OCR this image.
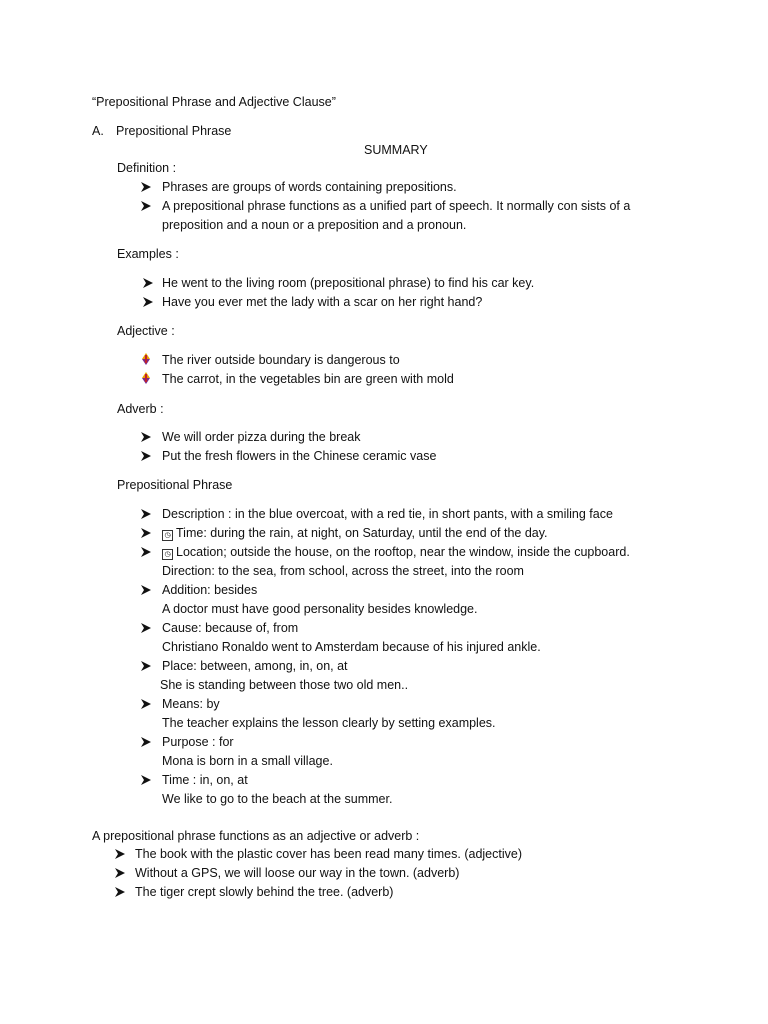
“Prepositional Phrase and Adjective Clause”
A. Prepositional Phrase
SUMMARY
Definition :
Phrases are groups of words containing prepositions.
A prepositional phrase functions as a unified part of speech. It normally con sists of a
preposition and a noun or a preposition and a pronoun.
Examples :
He went to the living room (prepositional phrase) to find his car key.
Have you ever met the lady with a scar on her right hand?
Adjective :
The river outside boundary is dangerous to
The carrot, in the vegetables bin are green with mold
Adverb :
We will order pizza during the break
Put the fresh flowers in the Chinese ceramic vase
Prepositional Phrase
Description : in the blue overcoat, with a red tie, in short pants, with a smiling face
◷ Time: during the rain, at night, on Saturday, until the end of the day.
◷ Location; outside the house, on the rooftop, near the window, inside the cupboard.
Direction: to the sea, from school, across the street, into the room
Addition: besides
A doctor must have good personality besides knowledge.
Cause: because of, from
Christiano Ronaldo went to Amsterdam because of his injured ankle.
Place: between, among, in, on, at
She is standing between those two old men..
Means: by
The teacher explains the lesson clearly by setting examples.
Purpose : for
Mona is born in a small village.
Time : in, on, at
We like to go to the beach at the summer.
A prepositional phrase functions as an adjective or adverb :
The book with the plastic cover has been read many times. (adjective)
Without a GPS, we will loose our way in the town. (adverb)
The tiger crept slowly behind the tree. (adverb)
